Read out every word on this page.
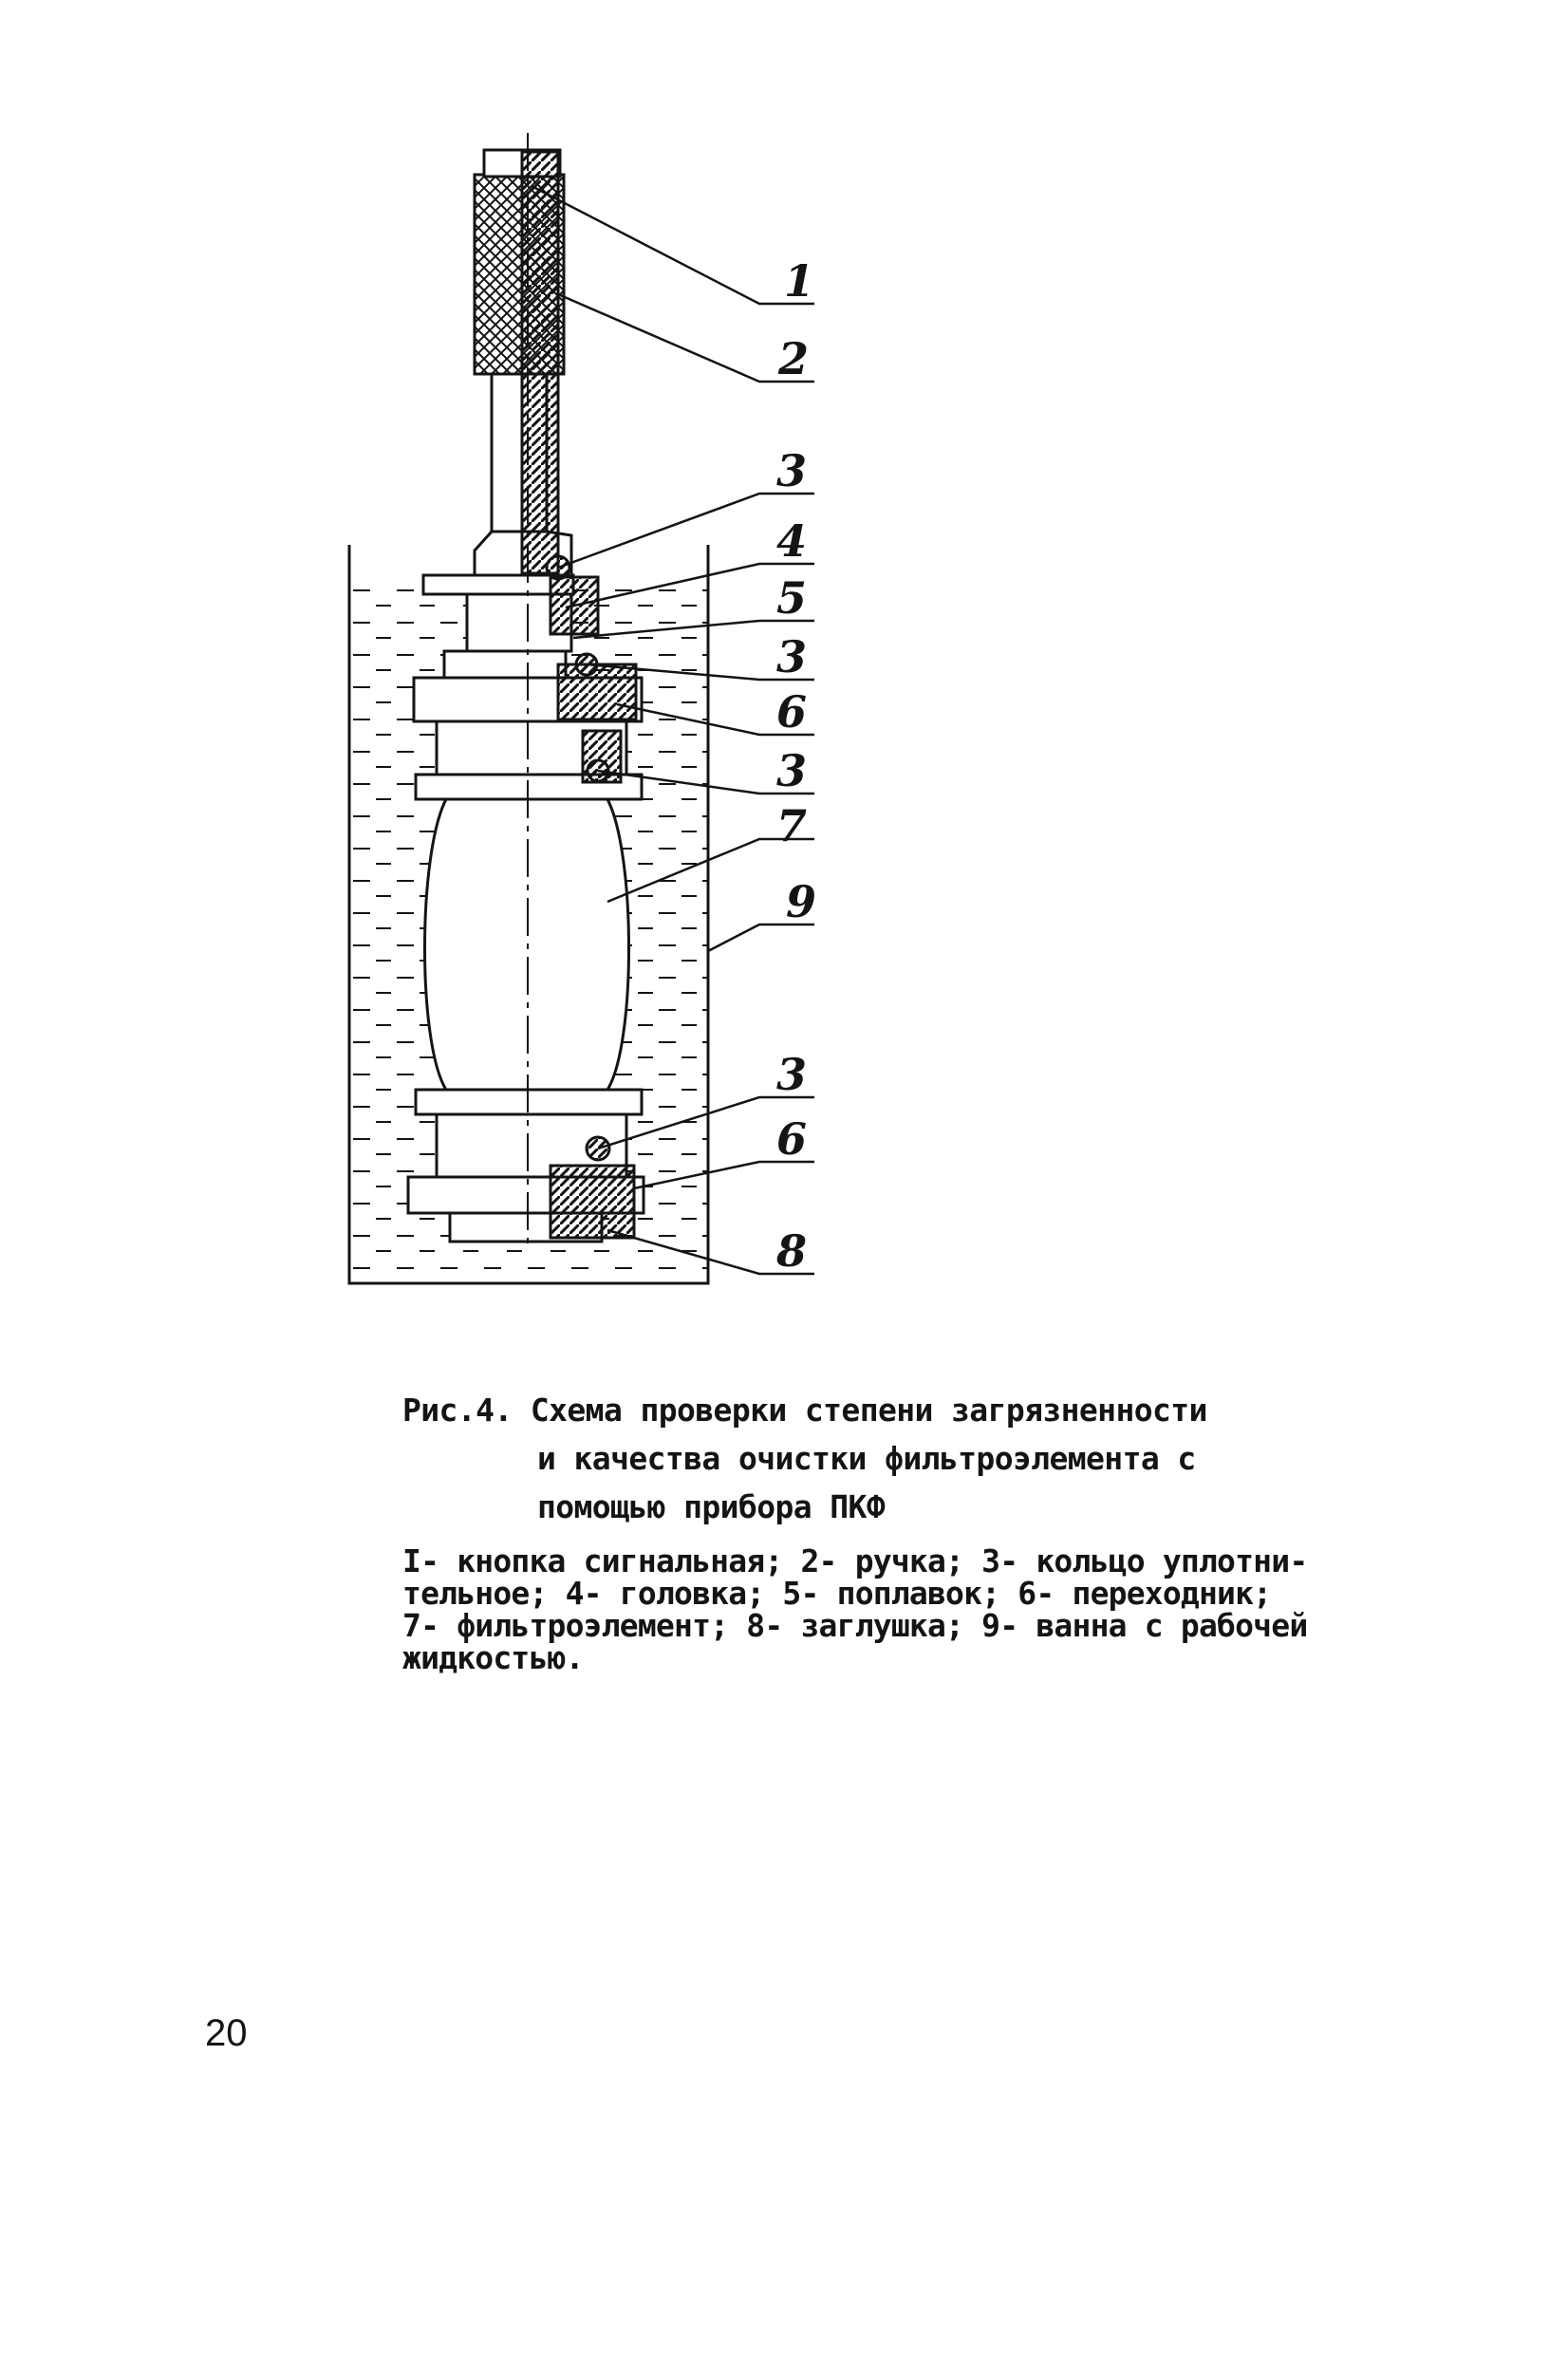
1
2
3
4
5
3
6
3
7
9
3
6
8
Рис.4. Схема проверки степени загрязненности
и качества очистки фильтроэлемента с
помощью прибора ПКФ
I- кнопка сигнальная; 2- ручка; 3- кольцо уплотни-
тельное; 4- головка; 5- поплавок; 6- переходник;
7- фильтроэлемент; 8- заглушка; 9- ванна с рабочей
жидкостью.
20
